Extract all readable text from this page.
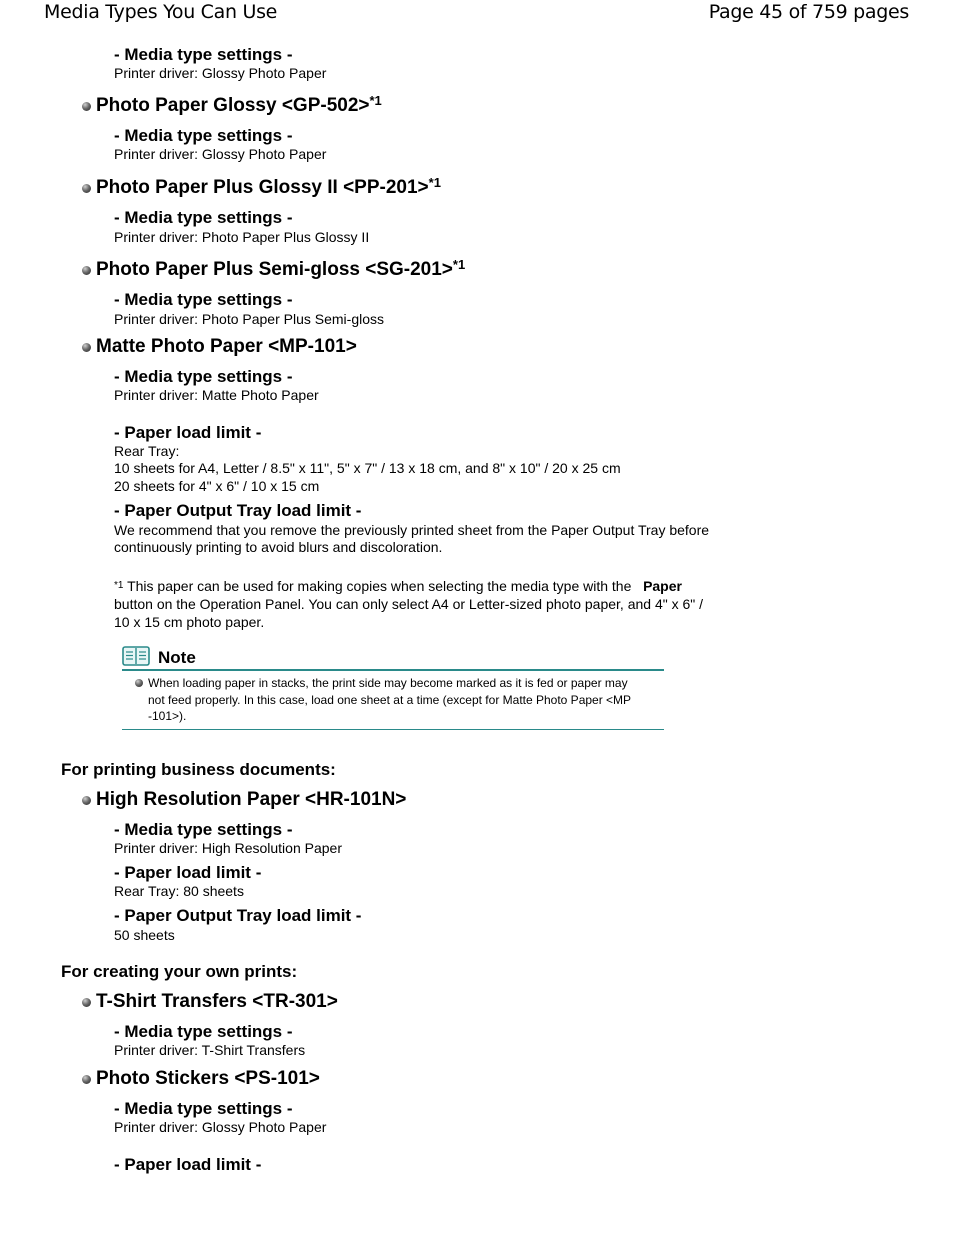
Media Types You Can Use	Page 45 of 759 pages
- Media type settings -
Printer driver: Glossy Photo Paper
Photo Paper Glossy <GP-502>$^{*1}$
- Media type settings -
Printer driver: Glossy Photo Paper
Photo Paper Plus Glossy II <PP-201>$^{*1}$
- Media type settings -
Printer driver: Photo Paper Plus Glossy II
Photo Paper Plus Semi-gloss <SG-201>$^{*1}$
- Media type settings -
Printer driver: Photo Paper Plus Semi-gloss
Matte Photo Paper <MP-101>
- Media type settings -
Printer driver: Matte Photo Paper
- Paper load limit -
Rear Tray:
10 sheets for A4, Letter / 8.5" x 11", 5" x 7" / 13 x 18 cm, and 8" x 10" / 20 x 25 cm
20 sheets for 4" x 6" / 10 x 15 cm
- Paper Output Tray load limit -
We recommend that you remove the previously printed sheet from the Paper Output Tray before
continuously printing to avoid blurs and discoloration.
$^{*1}$ This paper can be used for making copies when selecting the media type with the Paper
button on the Operation Panel. You can only select A4 or Letter-sized photo paper, and 4" x 6" /
10 x 15 cm photo paper.
Note
When loading paper in stacks, the print side may become marked as it is fed or paper may
not feed properly. In this case, load one sheet at a time (except for Matte Photo Paper <MP
-101>).
For printing business documents:
High Resolution Paper <HR-101N>
- Media type settings -
Printer driver: High Resolution Paper
- Paper load limit -
Rear Tray: 80 sheets
- Paper Output Tray load limit -
50 sheets
For creating your own prints:
T-Shirt Transfers <TR-301>
- Media type settings -
Printer driver: T-Shirt Transfers
Photo Stickers <PS-101>
- Media type settings -
Printer driver: Glossy Photo Paper
- Paper load limit -
